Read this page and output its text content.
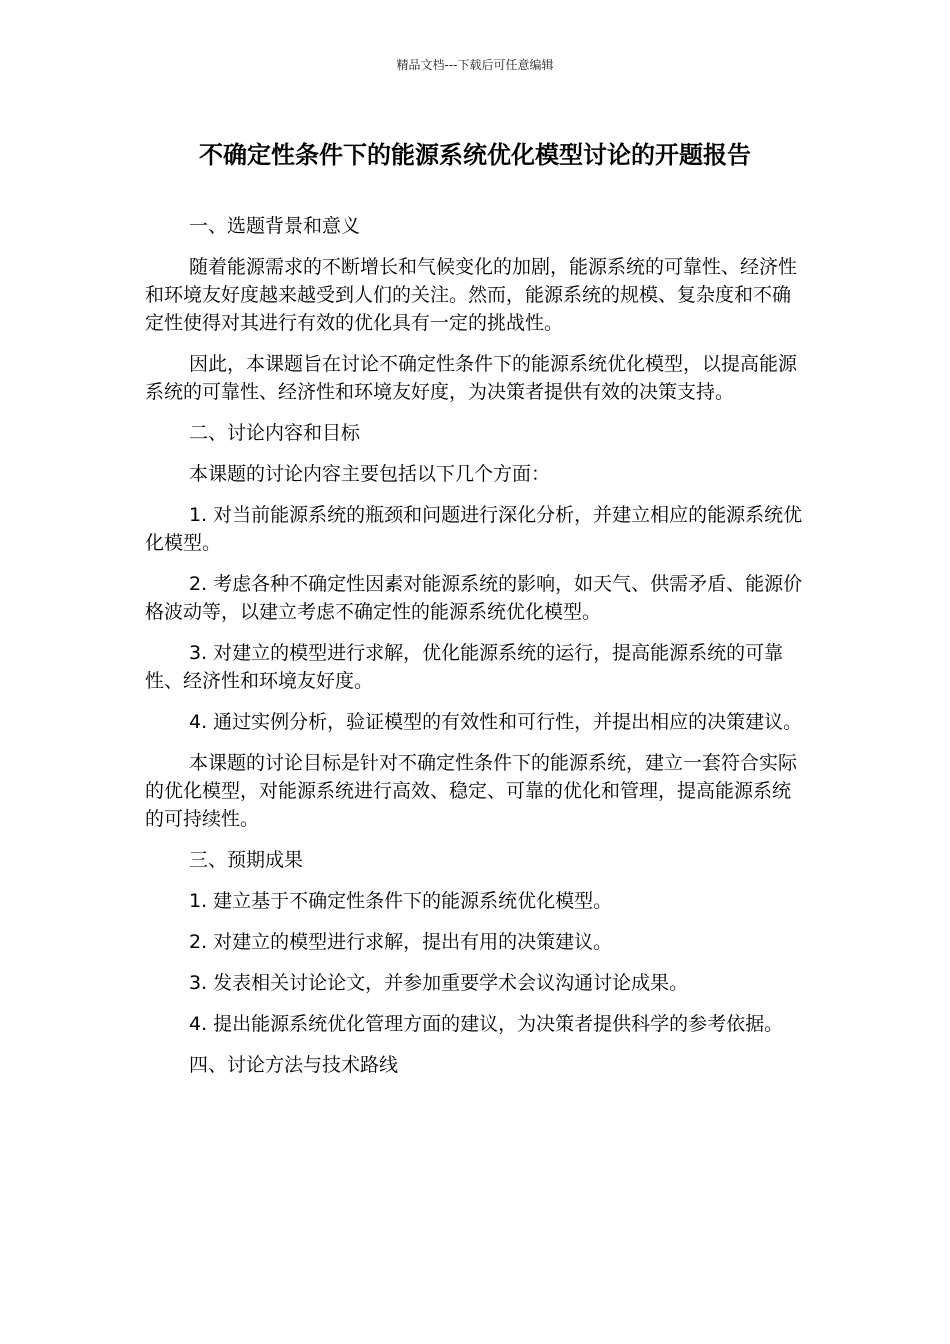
精品文档---下载后可任意编辑
不确定性条件下的能源系统优化模型讨论的开题报告

一、选题背景和意义

随着能源需求的不断增长和气候变化的加剧，能源系统的可靠性、经济性和环境友好度越来越受到人们的关注。然而，能源系统的规模、复杂度和不确定性使得对其进行有效的优化具有一定的挑战性。

因此，本课题旨在讨论不确定性条件下的能源系统优化模型，以提高能源系统的可靠性、经济性和环境友好度，为决策者提供有效的决策支持。

二、讨论内容和目标

本课题的讨论内容主要包括以下几个方面：

1. 对当前能源系统的瓶颈和问题进行深化分析，并建立相应的能源系统优化模型。

2. 考虑各种不确定性因素对能源系统的影响，如天气、供需矛盾、能源价格波动等，以建立考虑不确定性的能源系统优化模型。

3. 对建立的模型进行求解，优化能源系统的运行，提高能源系统的可靠性、经济性和环境友好度。

4. 通过实例分析，验证模型的有效性和可行性，并提出相应的决策建议。

本课题的讨论目标是针对不确定性条件下的能源系统，建立一套符合实际的优化模型，对能源系统进行高效、稳定、可靠的优化和管理，提高能源系统的可持续性。

三、预期成果

1. 建立基于不确定性条件下的能源系统优化模型。

2. 对建立的模型进行求解，提出有用的决策建议。

3. 发表相关讨论论文，并参加重要学术会议沟通讨论成果。

4. 提出能源系统优化管理方面的建议，为决策者提供科学的参考依据。

四、讨论方法与技术路线
